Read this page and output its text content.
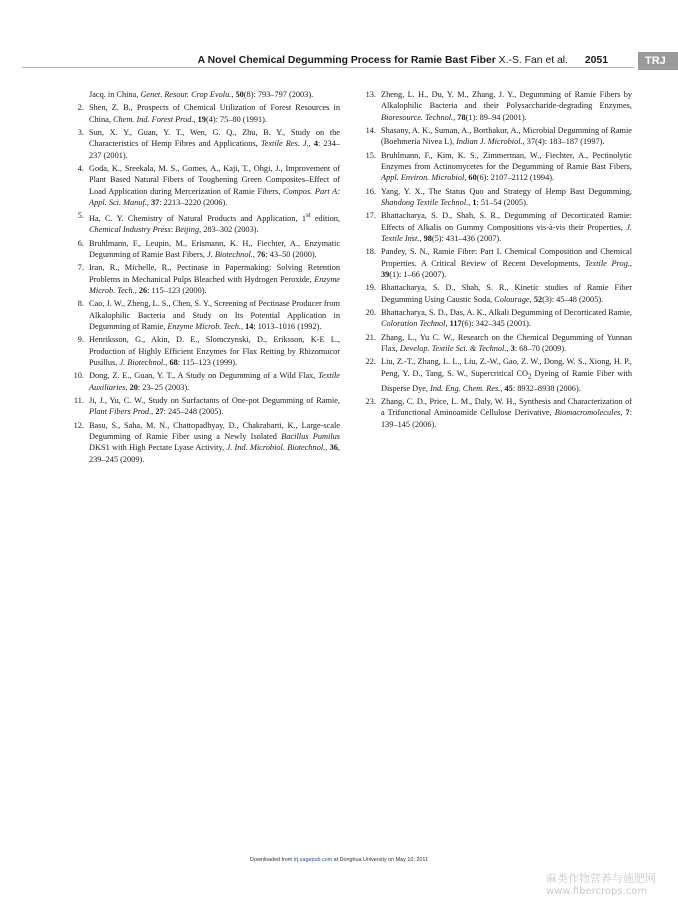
A Novel Chemical Degumming Process for Ramie Bast Fiber X.-S. Fan et al. 2051	TRJ
Jacq. in China, Genet. Resour. Crop Evolu., 50(8): 793–797 (2003).
2. Shen, Z. B., Prospects of Chemical Utilization of Forest Resources in China, Chem. Ind. Forest Prod., 19(4): 75–80 (1991).
3. Sun, X. Y., Guan, Y. T., Wen, G. Q., Zhu, B. Y., Study on the Characteristics of Hemp Fibres and Applications, Textile Res. J., 4: 234–237 (2001).
4. Goda, K., Sreekala, M. S., Gomes, A., Kaji, T., Ohgi, J., Improvement of Plant Based Natural Fibers of Toughening Green Composites–Effect of Load Application during Mercerization of Ramie Fibers, Compos. Part A: Appl. Sci. Manuf., 37: 2213–2220 (2006).
5. Ha, C. Y. Chemistry of Natural Products and Application, 1st edition, Chemical Industry Press: Beijing, 283–302 (2003).
6. Bruhlmann, F., Leupin, M., Erismann, K. H., Fiechter, A., Enzymatic Degumming of Ramie Bast Fibers, J. Biotechnol., 76: 43–50 (2000).
7. Iran, R., Michelle, R., Pectinase in Papermaking: Solving Retention Problems in Mechanical Pulps Bleached with Hydrogen Peroxide, Enzyme Microb. Tech., 26: 115–123 (2000).
8. Cao, J. W., Zheng, L. S., Chen, S. Y., Screening of Pectinase Producer from Alkalophilic Bacteria and Study on Its Potential Application in Degumming of Ramie, Enzyme Microb. Tech., 14: 1013–1016 (1992).
9. Henriksson, G., Akin, D. E., Slomczynski, D., Eriksson, K-E L., Production of Highly Efficient Enzymes for Flax Retting by Rhizomucor Pusillus, J. Biotechnol., 68: 115–123 (1999).
10. Dong, Z. E., Guan, Y. T., A Study on Degumming of a Wild Flax, Textile Auxiliaries, 20: 23–25 (2003).
11. Ji, J., Yu, C. W., Study on Surfactants of One-pot Degumming of Ramie, Plant Fibers Prod., 27: 245–248 (2005).
12. Basu, S., Saha, M. N., Chattopadhyay, D., Chakrabarti, K., Large-scale Degumming of Ramie Fiber using a Newly Isolated Bacillus Pumilus DKS1 with High Pectate Lyase Activity, J. Ind. Microbiol. Biotechnol., 36, 239–245 (2009).
13. Zheng, L. H., Du, Y. M., Zhang, J. Y., Degumming of Ramie Fibers by Alkalophilic Bacteria and their Polysaccharide-degrading Enzymes, Bioresource. Technol., 78(1): 89–94 (2001).
14. Shasany, A. K., Suman, A., Borthakur, A., Microbial Degumming of Ramie (Boehmeria Nivea L), Indian J. Microbiol., 37(4): 183–187 (1997).
15. Bruhlmann, F., Kim, K. S., Zimmerman, W., Fiechter, A., Pectinolytic Enzymes from Actinomycetes for the Degumming of Ramie Bast Fibers, Appl. Environ. Microbiol, 60(6): 2107–2112 (1994).
16. Yang, Y. X., The Status Quo and Strategy of Hemp Bast Degumming, Shandong Textile Technol., 1: 51–54 (2005).
17. Bhattacharya, S. D., Shah, S. R., Degumming of Decorticated Ramie: Effects of Alkalis on Gummy Compositions vis-à-vis their Properties, J. Textile Inst., 98(5): 431–436 (2007).
18. Pandey, S. N., Ramie Fibre: Part I. Chemical Composition and Chemical Properties. A Critical Review of Recent Developments, Textile Prog., 39(1): 1–66 (2007).
19. Bhattacharya, S. D., Shah, S. R., Kinetic studies of Ramie Fiber Degumming Using Caustic Soda, Colourage, 52(3): 45–48 (2005).
20. Bhattacharya, S. D., Das, A. K., Alkali Degumming of Decorticated Ramie, Coloration Technol, 117(6): 342–345 (2001).
21. Zhang, L., Yu C. W., Research on the Chemical Degumming of Yunnan Flax, Develop. Textile Sci. & Technol., 3: 68–70 (2009).
22. Liu, Z.-T., Zhang, L. L., Liu, Z.-W., Gao, Z. W., Dong, W. S., Xiong, H. P., Peng, Y. D., Tang, S. W., Supercritical $CO_2$ Dyeing of Ramie Fiber with Disperse Dye, Ind. Eng. Chem. Res., 45: 8932–8938 (2006).
23. Zhang, C. D., Price, L. M., Daly, W. H., Synthesis and Characterization of a Trifunctional Aminoamide Cellulose Derivative, Biomacromolecules, 7: 139–145 (2006).
Downloaded from trj.sagepub.com at Donghua University on May 10, 2011
麻类作物营养与施肥网
www.fibercrops.com
